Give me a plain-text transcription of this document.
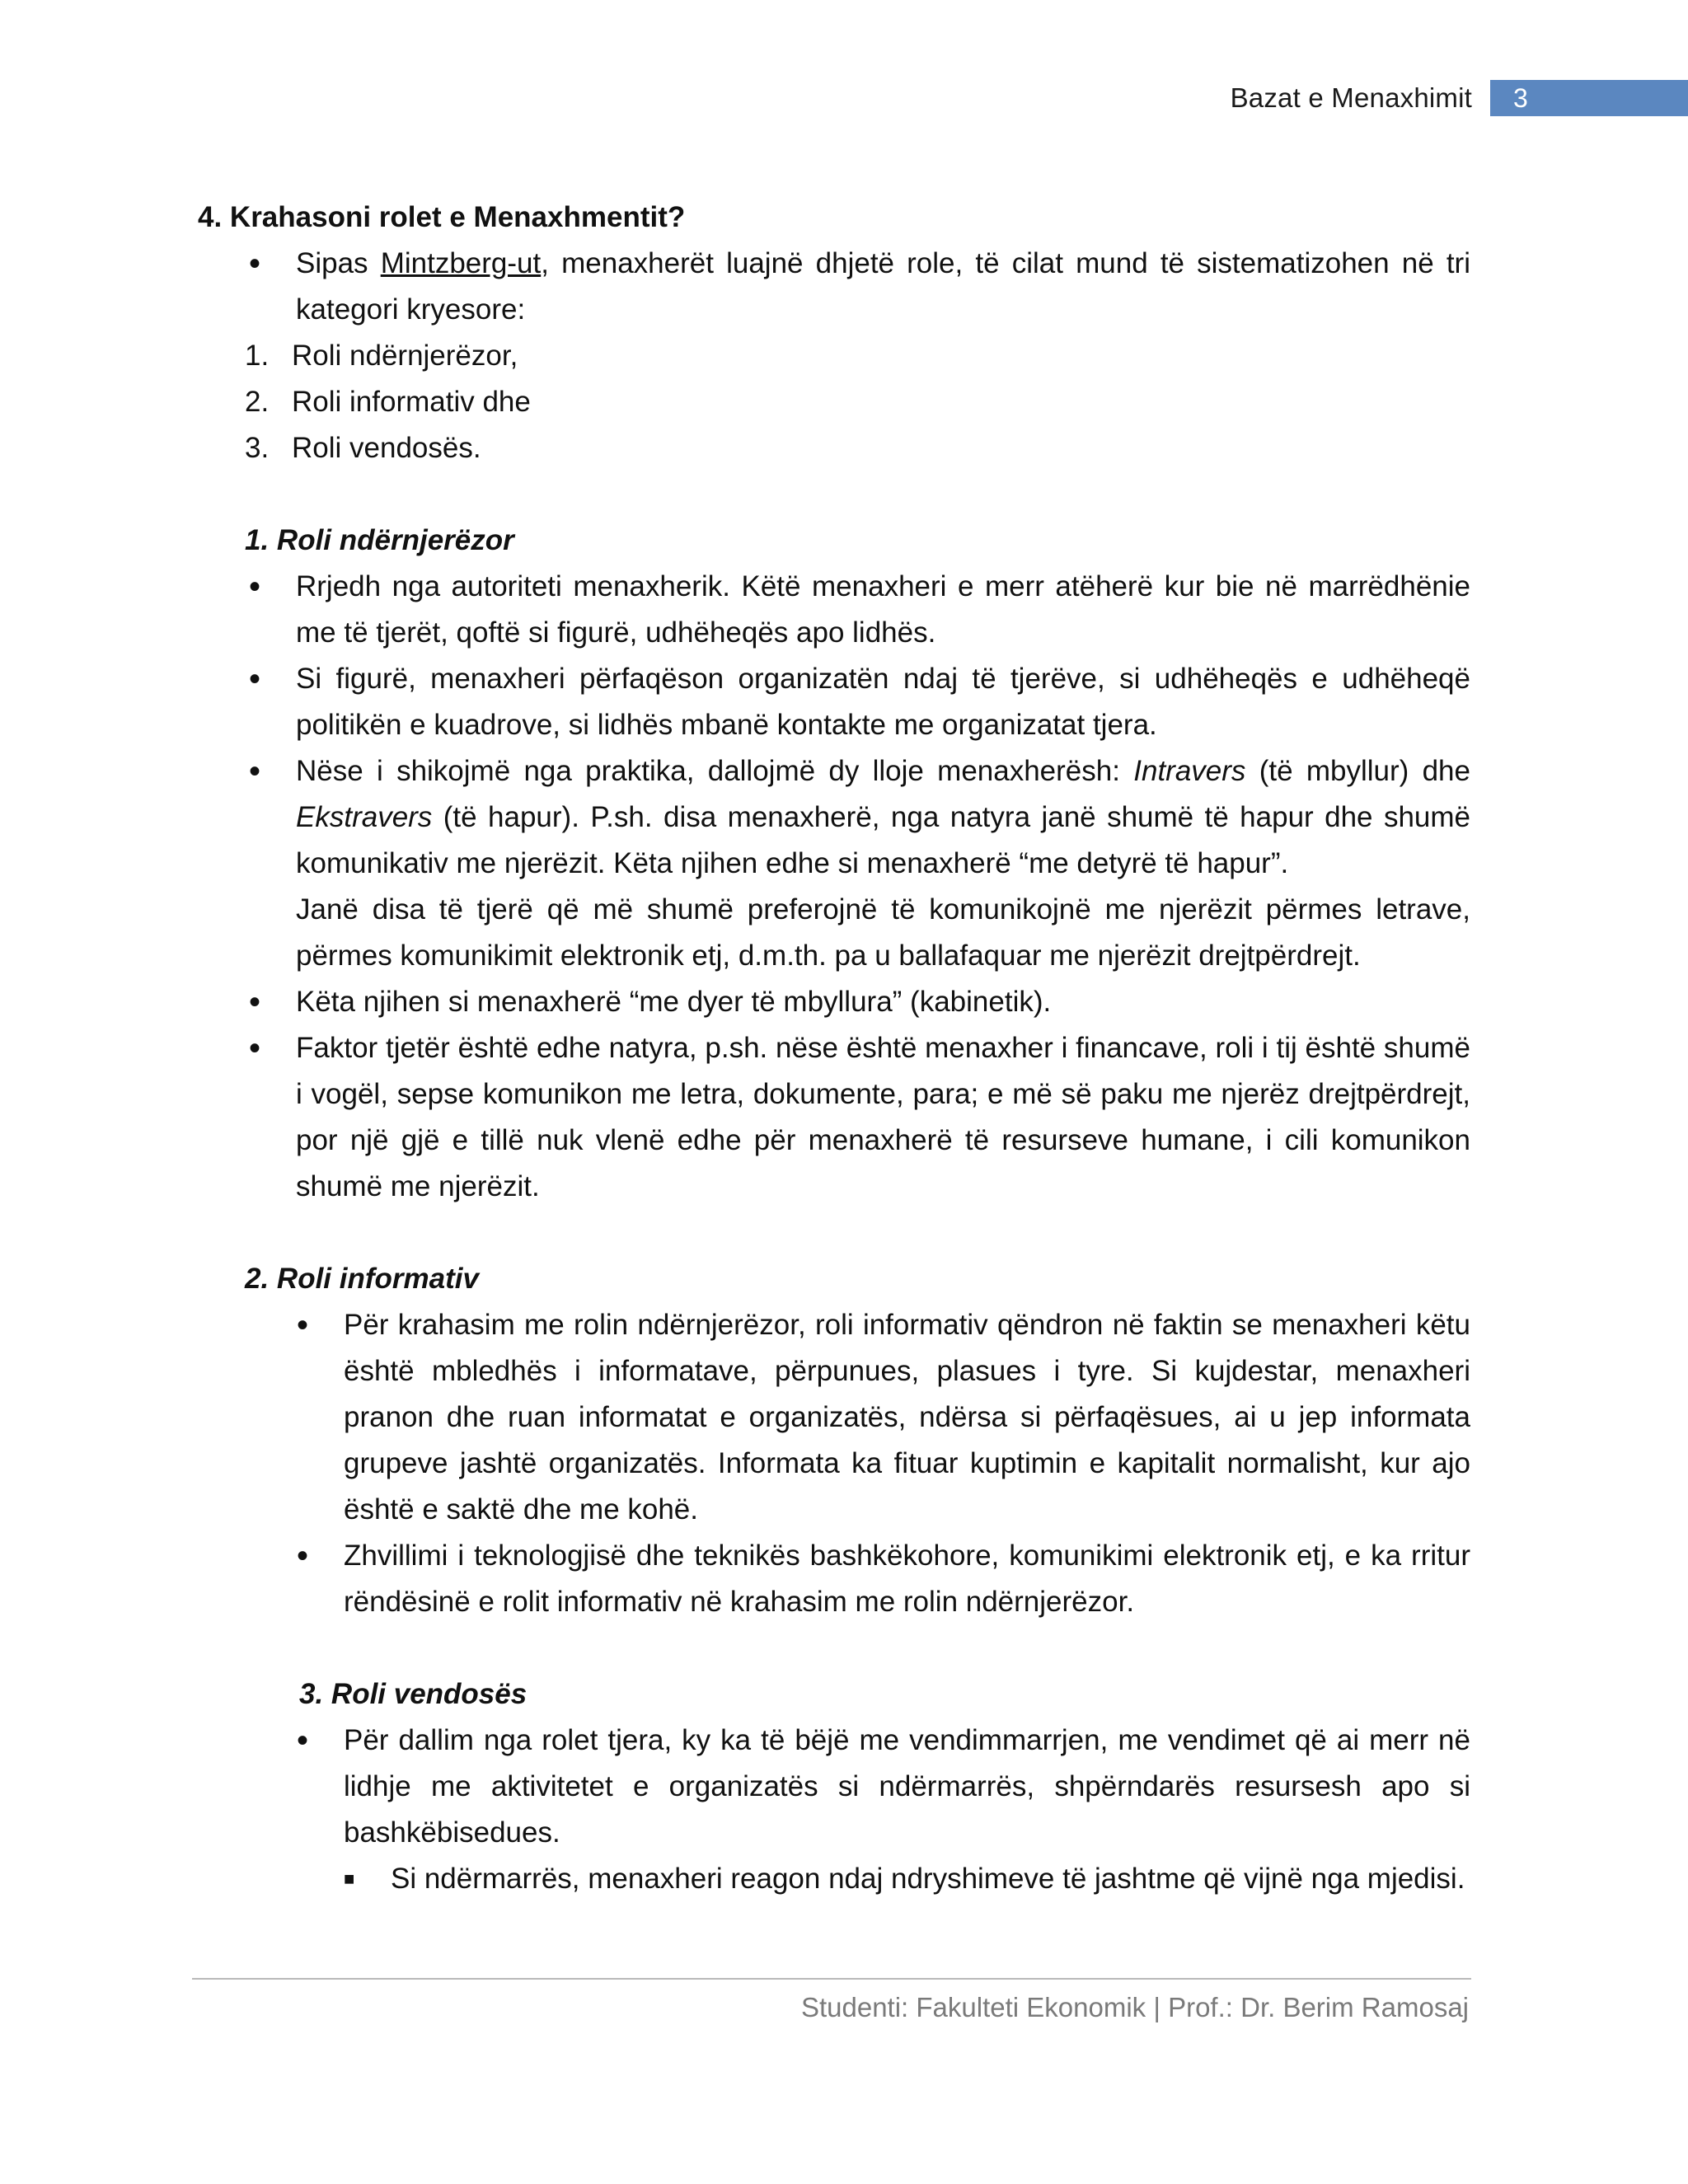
Bazat e Menaxhimit	3

4. Krahasoni rolet e Menaxhmentit?

•	Sipas Mintzberg-ut, menaxherët luajnë dhjetë role, të cilat mund të sistematizohen në tri kategori kryesore:

1. Roli ndërnjerëzor,
2. Roli informativ dhe
3. Roli vendosës.

1. Roli ndërnjerëzor

•	Rrjedh nga autoriteti menaxherik. Këtë menaxheri e merr atëherë kur bie në marrëdhënie me të tjerët, qoftë si figurë, udhëheqës apo lidhës.

•	Si figurë, menaxheri përfaqëson organizatën ndaj të tjerëve, si udhëheqës e udhëheqë politikën e kuadrove, si lidhës mbanë kontakte me organizatat tjera.

•	Nëse i shikojmë nga praktika, dallojmë dy lloje menaxherësh: Intravers (të mbyllur) dhe Ekstravers (të hapur). P.sh. disa menaxherë, nga natyra janë shumë të hapur dhe shumë komunikativ me njerëzit. Këta njihen edhe si menaxherë “me detyrë të hapur”.

Janë disa të tjerë që më shumë preferojnë të komunikojnë me njerëzit përmes letrave, përmes komunikimit elektronik etj, d.m.th. pa u ballafaquar me njerëzit drejtpërdrejt.

•	Këta njihen si menaxherë “me dyer të mbyllura” (kabinetik).

•	Faktor tjetër është edhe natyra, p.sh. nëse është menaxher i financave, roli i tij është shumë i vogël, sepse komunikon me letra, dokumente, para; e më së paku me njerëz drejtpërdrejt, por një gjë e tillë nuk vlenë edhe për menaxherë të resurseve humane, i cili komunikon shumë me njerëzit.

2. Roli informativ

•	Për krahasim me rolin ndërnjerëzor, roli informativ qëndron në faktin se menaxheri këtu është mbledhës i informatave, përpunues, plasues i tyre. Si kujdestar, menaxheri pranon dhe ruan informatat e organizatës, ndërsa si përfaqësues, ai u jep informata grupeve jashtë organizatës. Informata ka fituar kuptimin e kapitalit normalisht, kur ajo është e saktë dhe me kohë.

•	Zhvillimi i teknologjisë dhe teknikës bashkëkohore, komunikimi elektronik etj, e ka rritur rëndësinë e rolit informativ në krahasim me rolin ndërnjerëzor.

3. Roli vendosës

•	Për dallim nga rolet tjera, ky ka të bëjë me vendimmarrjen, me vendimet që ai merr në lidhje me aktivitetet e organizatës si ndërmarrës, shpërndarës resursesh apo si bashkëbisedues.

■	Si ndërmarrës, menaxheri reagon ndaj ndryshimeve të jashtme që vijnë nga mjedisi.

Studenti: Fakulteti Ekonomik | Prof.: Dr. Berim Ramosaj
